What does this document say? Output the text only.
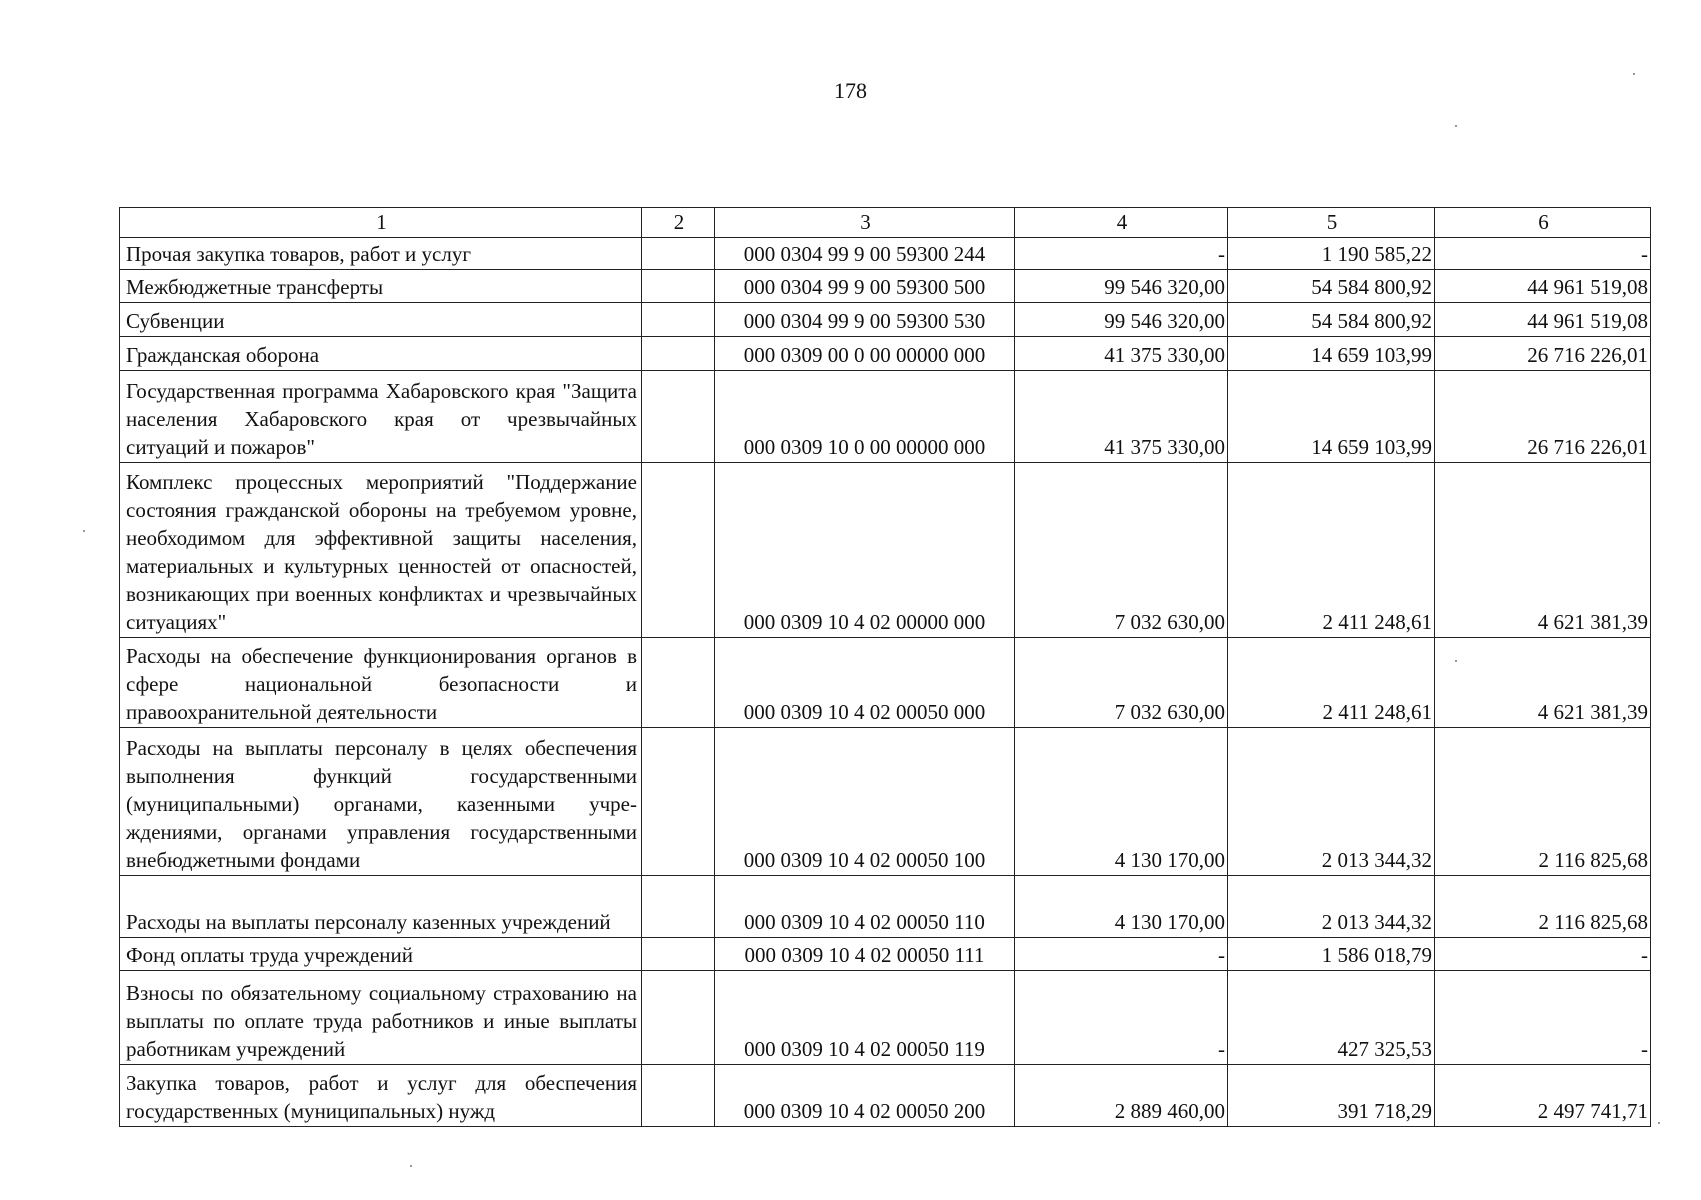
178
1	2	3	4	5	6
Прочая закупка товаров, работ и услуг		000 0304 99 9 00 59300 244	-	1 190 585,22	-
Межбюджетные трансферты		000 0304 99 9 00 59300 500	99 546 320,00	54 584 800,92	44 961 519,08
Субвенции		000 0304 99 9 00 59300 530	99 546 320,00	54 584 800,92	44 961 519,08
Гражданская оборона		000 0309 00 0 00 00000 000	41 375 330,00	14 659 103,99	26 716 226,01
Государственная программа Хабаровского края "Защита населения Хабаровского края от чрезвычайных ситуаций и пожаров"		000 0309 10 0 00 00000 000	41 375 330,00	14 659 103,99	26 716 226,01
Комплекс процессных мероприятий "Поддержание состояния гражданской обороны на требуемом уровне, необходимом для эффективной защиты населения, материальных и культурных ценностей от опасностей, возникающих при военных конфликтах и чрезвычайных ситуациях"		000 0309 10 4 02 00000 000	7 032 630,00	2 411 248,61	4 621 381,39
Расходы на обеспечение функционирования органов в сфере национальной безопасности и правоохранительной деятельности		000 0309 10 4 02 00050 000	7 032 630,00	2 411 248,61	4 621 381,39
Расходы на выплаты персоналу в целях обеспечения выполнения функций государственными (муниципальными) органами, казенными учреждениями, органами управления государственными внебюджетными фондами		000 0309 10 4 02 00050 100	4 130 170,00	2 013 344,32	2 116 825,68
Расходы на выплаты персоналу казенных учреждений		000 0309 10 4 02 00050 110	4 130 170,00	2 013 344,32	2 116 825,68
Фонд оплаты труда учреждений		000 0309 10 4 02 00050 111	-	1 586 018,79	-
Взносы по обязательному социальному страхованию на выплаты по оплате труда работников и иные выплаты работникам учреждений		000 0309 10 4 02 00050 119	-	427 325,53	-
Закупка товаров, работ и услуг для обеспечения государственных (муниципальных) нужд		000 0309 10 4 02 00050 200	2 889 460,00	391 718,29	2 497 741,71
